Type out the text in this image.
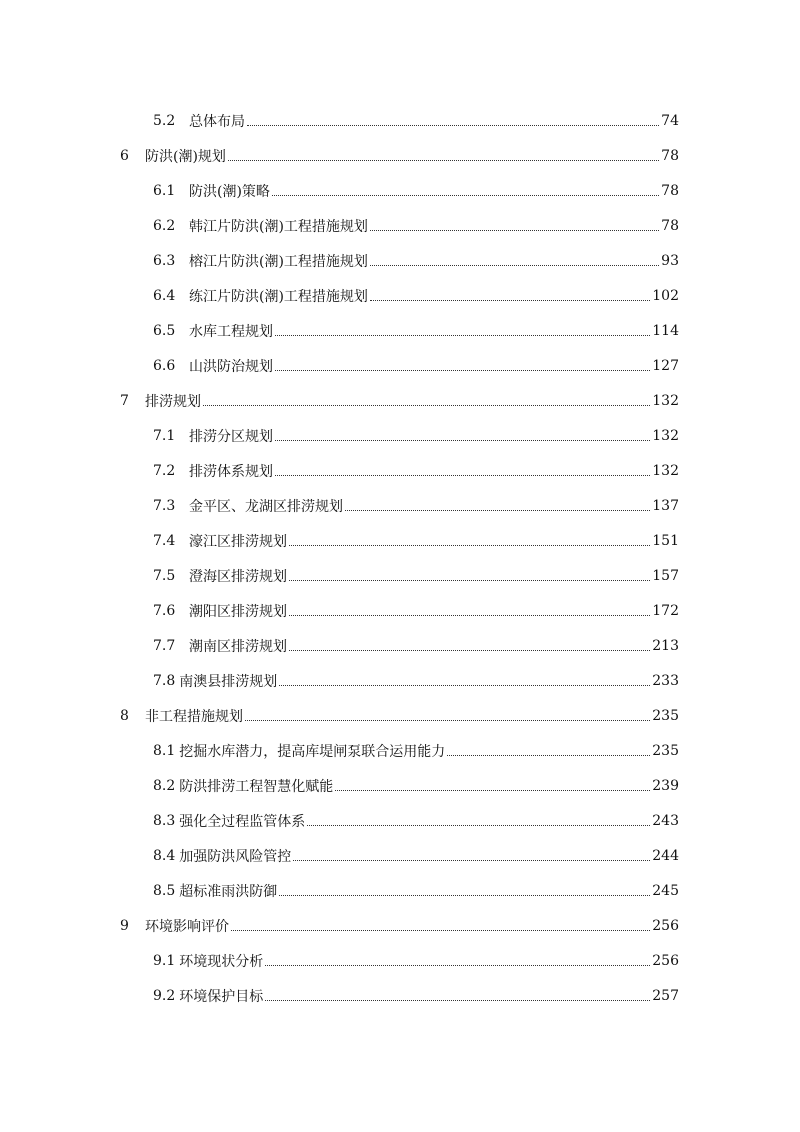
5.2 总体布局	74
6	防洪(潮)规划	78
6.1 防洪(潮)策略	78
6.2 韩江片防洪(潮)工程措施规划	78
6.3 榕江片防洪(潮)工程措施规划	93
6.4 练江片防洪(潮)工程措施规划	102
6.5 水库工程规划	114
6.6 山洪防治规划	127
7	排涝规划	132
7.1 排涝分区规划	132
7.2 排涝体系规划	132
7.3 金平区、龙湖区排涝规划	137
7.4 濠江区排涝规划	151
7.5 澄海区排涝规划	157
7.6 潮阳区排涝规划	172
7.7 潮南区排涝规划	213
7.8 南澳县排涝规划	233
8	非工程措施规划	235
8.1 挖掘水库潜力，提高库堤闸泵联合运用能力	235
8.2 防洪排涝工程智慧化赋能	239
8.3 强化全过程监管体系	243
8.4 加强防洪风险管控	244
8.5 超标准雨洪防御	245
9	环境影响评价	256
9.1 环境现状分析	256
9.2 环境保护目标	257
